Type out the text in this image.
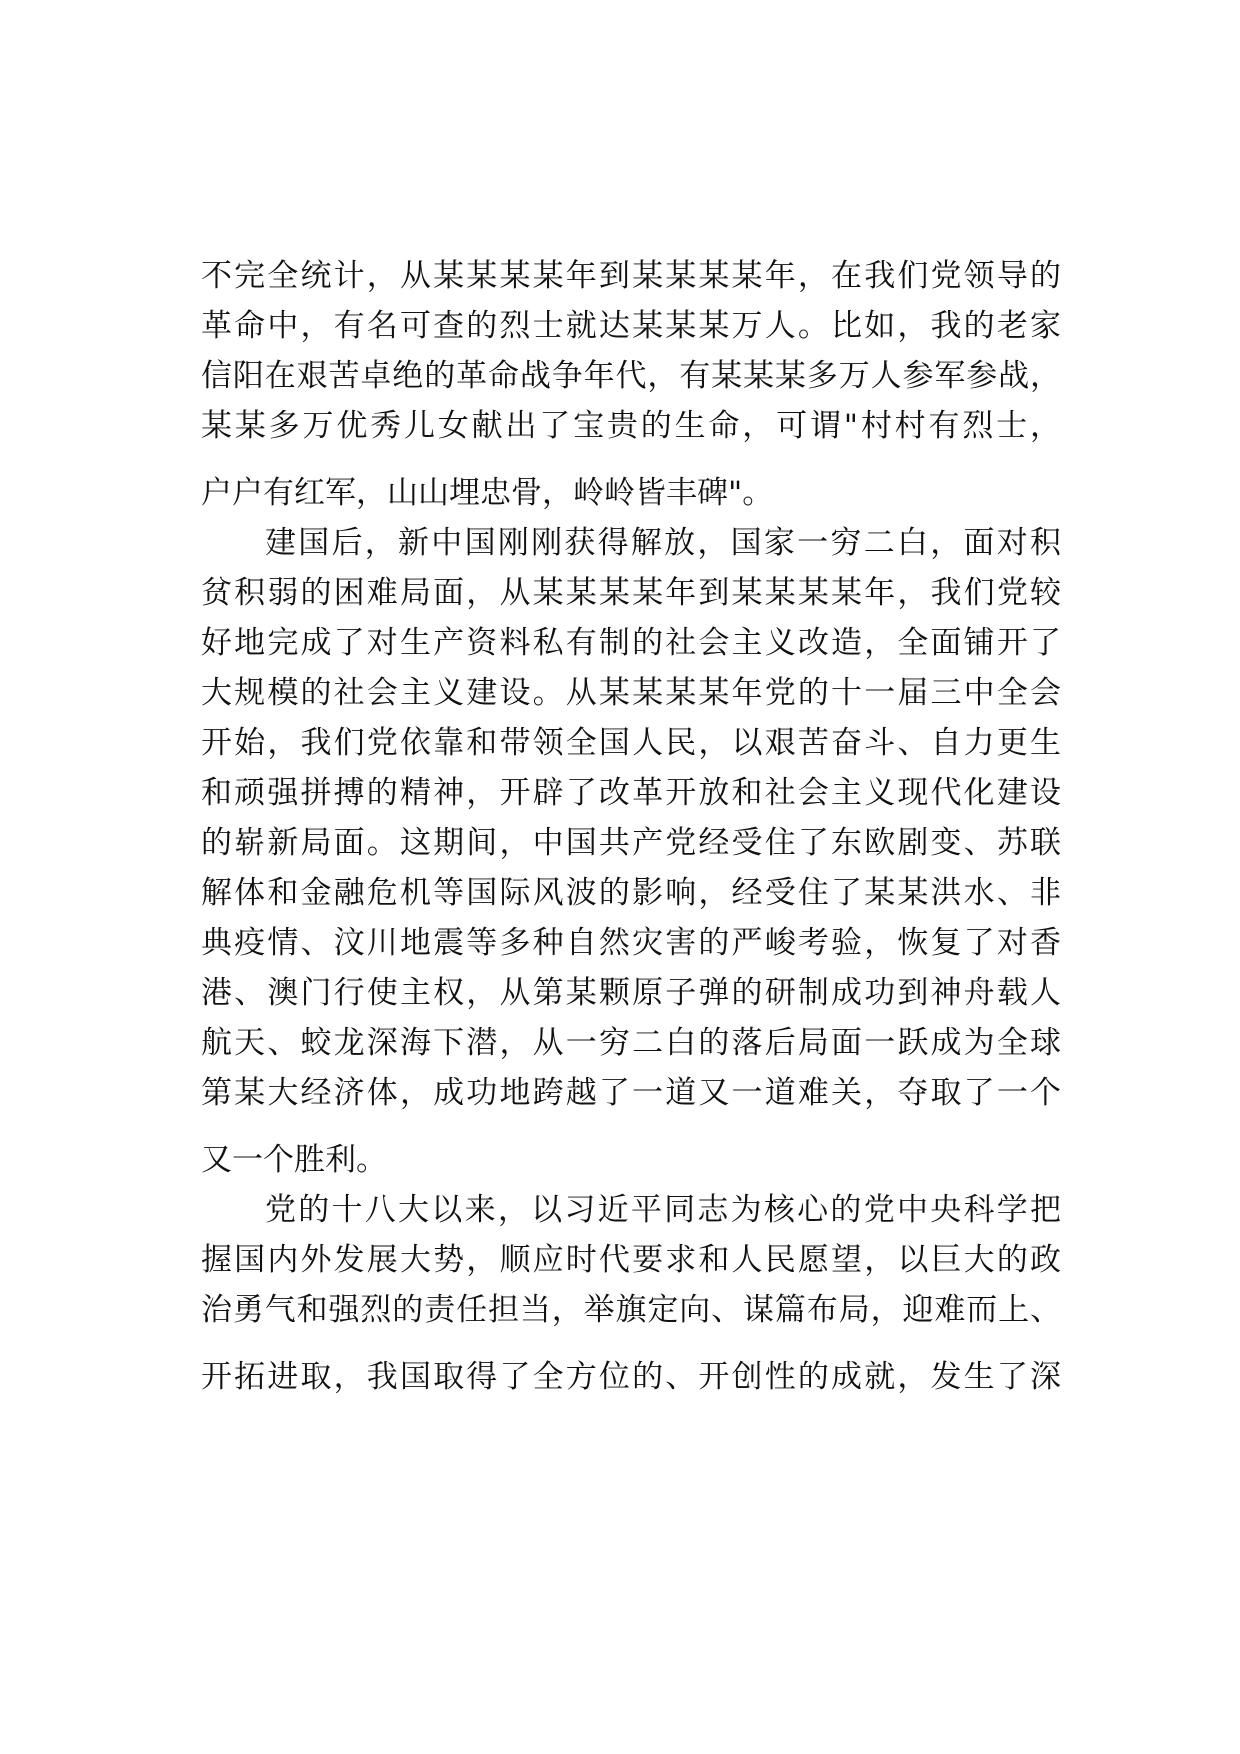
不完全统计，从某某某某年到某某某某年，在我们党领导的
革命中，有名可查的烈士就达某某某万人。比如，我的老家
信阳在艰苦卓绝的革命战争年代，有某某某多万人参军参战，
某某多万优秀儿女献出了宝贵的生命，可谓"村村有烈士，
户户有红军，山山埋忠骨，岭岭皆丰碑"。
建国后，新中国刚刚获得解放，国家一穷二白，面对积
贫积弱的困难局面，从某某某某年到某某某某年，我们党较
好地完成了对生产资料私有制的社会主义改造，全面铺开了
大规模的社会主义建设。从某某某某年党的十一届三中全会
开始，我们党依靠和带领全国人民，以艰苦奋斗、自力更生
和顽强拼搏的精神，开辟了改革开放和社会主义现代化建设
的崭新局面。这期间，中国共产党经受住了东欧剧变、苏联
解体和金融危机等国际风波的影响，经受住了某某洪水、非
典疫情、汶川地震等多种自然灾害的严峻考验，恢复了对香
港、澳门行使主权，从第某颗原子弹的研制成功到神舟载人
航天、蛟龙深海下潜，从一穷二白的落后局面一跃成为全球
第某大经济体，成功地跨越了一道又一道难关，夺取了一个
又一个胜利。
党的十八大以来，以习近平同志为核心的党中央科学把
握国内外发展大势，顺应时代要求和人民愿望，以巨大的政
治勇气和强烈的责任担当，举旗定向、谋篇布局，迎难而上、
开拓进取，我国取得了全方位的、开创性的成就，发生了深
